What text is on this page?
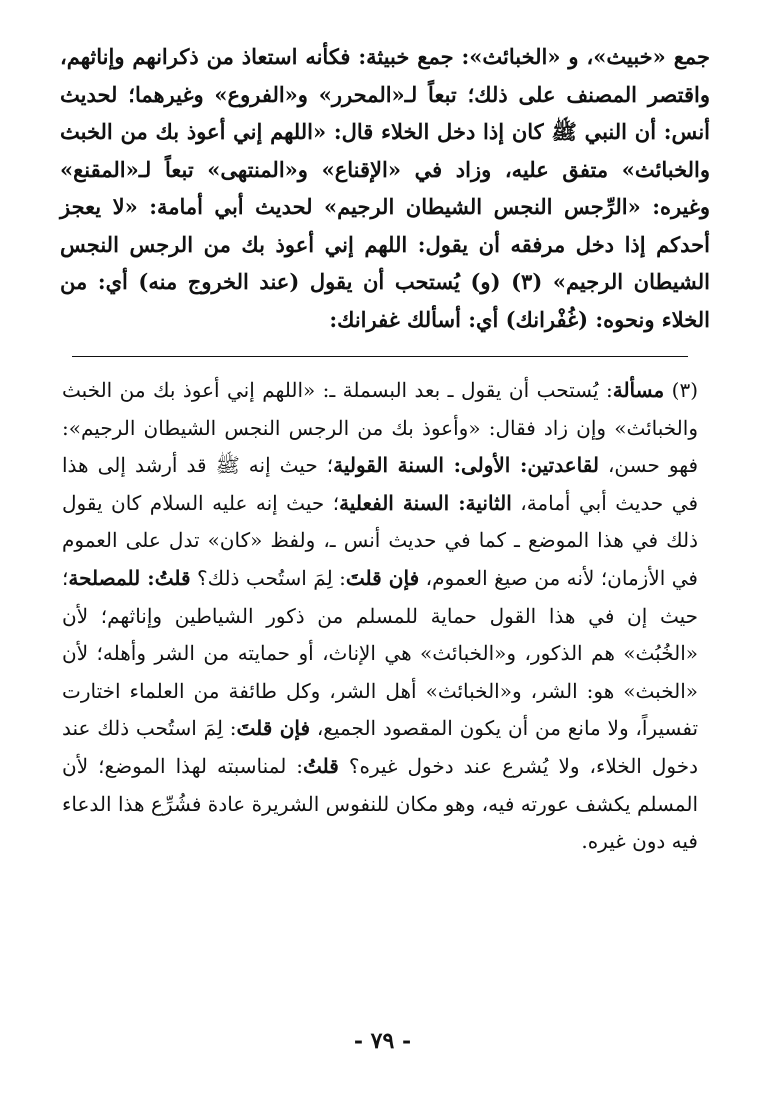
جمع «خبيث»، و «الخبائث»: جمع خبيثة: فكأنه استعاذ من ذكرانهم وإناثهم، واقتصر المصنف على ذلك؛ تبعاً لـ«المحرر» و«الفروع» وغيرهما؛ لحديث أنس: أن النبي ﷺ كان إذا دخل الخلاء قال: «اللهم إني أعوذ بك من الخبث والخبائث» متفق عليه، وزاد في «الإقناع» و«المنتهى» تبعاً لـ«المقنع» وغيره: «الرِّجس النجس الشيطان الرجيم» لحديث أبي أمامة: «لا يعجز أحدكم إذا دخل مرفقه أن يقول: اللهم إني أعوذ بك من الرجس النجس الشيطان الرجيم» (٣) (و) يُستحب أن يقول (عند الخروج منه) أي: من الخلاء ونحوه: (غُفْرانك) أي: أسألك غفرانك:

(٣) مسألة: يُستحب أن يقول ـ بعد البسملة ـ: «اللهم إني أعوذ بك من الخبث والخبائث» وإن زاد فقال: «وأعوذ بك من الرجس النجس الشيطان الرجيم»: فهو حسن، لقاعدتين: الأولى: السنة القولية؛ حيث إنه ﷺ قد أرشد إلى هذا في حديث أبي أمامة، الثانية: السنة الفعلية؛ حيث إنه عليه السلام كان يقول ذلك في هذا الموضع ـ كما في حديث أنس ـ، ولفظ «كان» تدل على العموم في الأزمان؛ لأنه من صيغ العموم، فإن قلتَ: لِمَ استُحب ذلك؟ قلتُ: للمصلحة؛ حيث إن في هذا القول حماية للمسلم من ذكور الشياطين وإناثهم؛ لأن «الخُبُث» هم الذكور، و«الخبائث» هي الإناث، أو حمايته من الشر وأهله؛ لأن «الخبث» هو: الشر، و«الخبائث» أهل الشر، وكل طائفة من العلماء اختارت تفسيراً، ولا مانع من أن يكون المقصود الجميع، فإن قلتَ: لِمَ استُحب ذلك عند دخول الخلاء، ولا يُشرع عند دخول غيره؟ قلتُ: لمناسبته لهذا الموضع؛ لأن المسلم يكشف عورته فيه، وهو مكان للنفوس الشريرة عادة فشُرِّع هذا الدعاء فيه دون غيره.

- ٧٩ -
